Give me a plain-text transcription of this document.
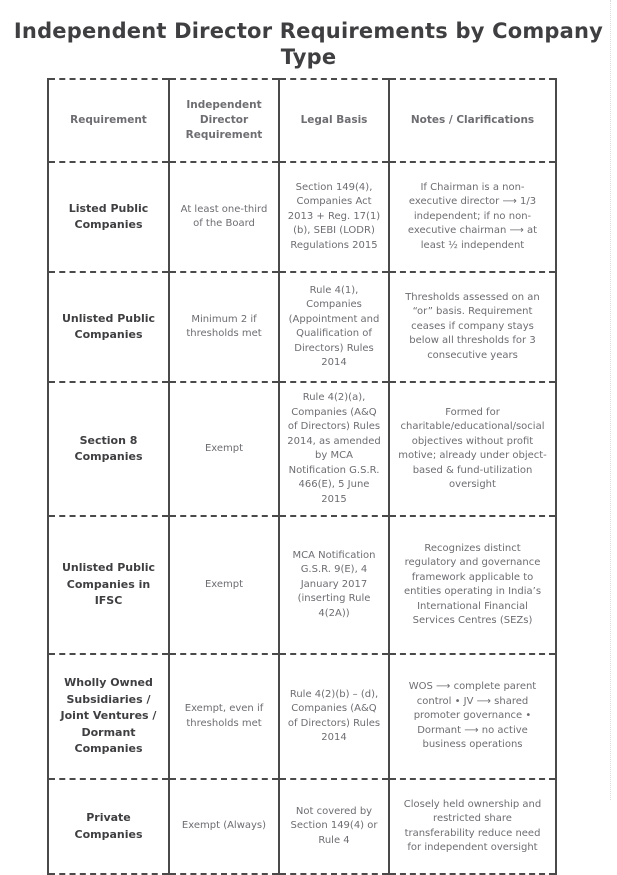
Independent Director Requirements by Company Type
Requirement	Independent Director Requirement	Legal Basis	Notes / Clarifications
Listed Public Companies	At least one-third of the Board	Section 149(4), Companies Act 2013 + Reg. 17(1)(b), SEBI (LODR) Regulations 2015	If Chairman is a non-executive director ⟶ 1/3 independent; if no non-executive chairman ⟶ at least ½ independent
Unlisted Public Companies	Minimum 2 if thresholds met	Rule 4(1), Companies (Appointment and Qualification of Directors) Rules 2014	Thresholds assessed on an “or” basis. Requirement ceases if company stays below all thresholds for 3 consecutive years
Section 8 Companies	Exempt	Rule 4(2)(a), Companies (A&Q of Directors) Rules 2014, as amended by MCA Notification G.S.R. 466(E), 5 June 2015	Formed for charitable/educational/social objectives without profit motive; already under object-based & fund-utilization oversight
Unlisted Public Companies in IFSC	Exempt	MCA Notification G.S.R. 9(E), 4 January 2017 (inserting Rule 4(2A))	Recognizes distinct regulatory and governance framework applicable to entities operating in India’s International Financial Services Centres (SEZs)
Wholly Owned Subsidiaries / Joint Ventures / Dormant Companies	Exempt, even if thresholds met	Rule 4(2)(b) – (d), Companies (A&Q of Directors) Rules 2014	WOS ⟶ complete parent control • JV ⟶ shared promoter governance • Dormant ⟶ no active business operations
Private Companies	Exempt (Always)	Not covered by Section 149(4) or Rule 4	Closely held ownership and restricted share transferability reduce need for independent oversight
